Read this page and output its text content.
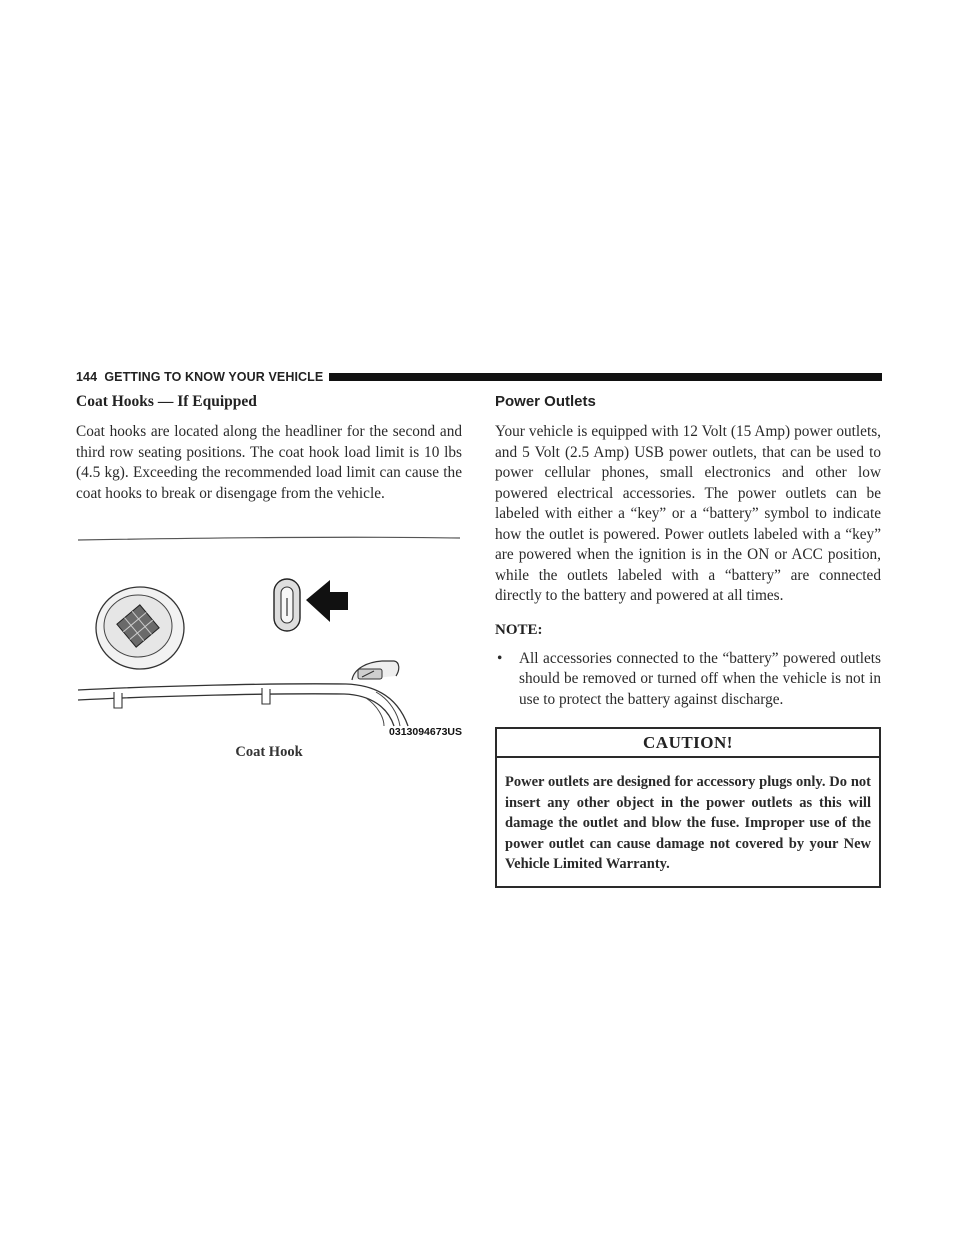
144 GETTING TO KNOW YOUR VEHICLE
Coat Hooks — If Equipped

Coat hooks are located along the headliner for the second and third row seating positions. The coat hook load limit is 10 lbs (4.5 kg). Exceeding the recommended load limit can cause the coat hooks to break or disengage from the vehicle.

0313094673US
Coat Hook
Power Outlets

Your vehicle is equipped with 12 Volt (15 Amp) power outlets, and 5 Volt (2.5 Amp) USB power outlets, that can be used to power cellular phones, small electronics and other low powered electrical accessories. The power outlets can be labeled with either a “key” or a “battery” symbol to indicate how the outlet is powered. Power outlets labeled with a “key” are powered when the ignition is in the ON or ACC position, while the outlets labeled with a “battery” are connected directly to the battery and powered at all times.

NOTE:

•	All accessories connected to the “battery” powered outlets should be removed or turned off when the vehicle is not in use to protect the battery against discharge.
CAUTION!
Power outlets are designed for accessory plugs only. Do not insert any other object in the power outlets as this will damage the outlet and blow the fuse. Improper use of the power outlet can cause damage not covered by your New Vehicle Limited Warranty.
